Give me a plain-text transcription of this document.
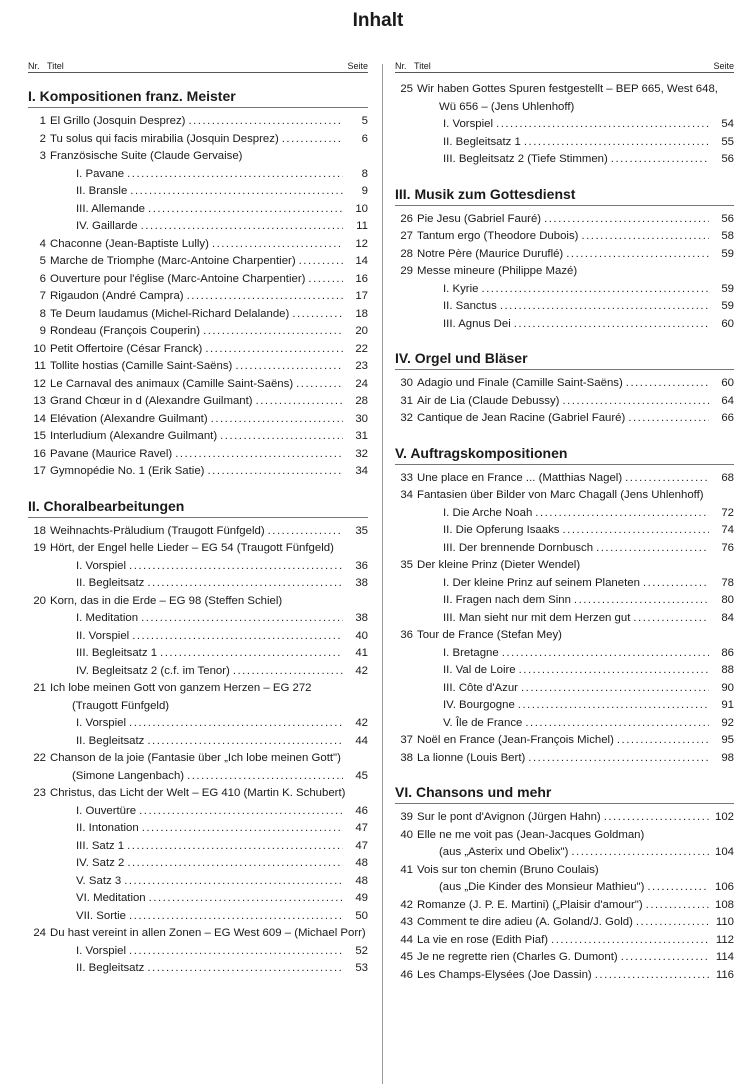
Inhalt
Nr. Titel	Seite
I. Kompositionen franz. Meister
1 El Grillo (Josquin Desprez) .....	5
2 Tu solus qui facis mirabilia (Josquin Desprez) .....	6
3 Französische Suite (Claude Gervaise)
I. Pavane .....	8
II. Bransle .....	9
III. Allemande .....	10
IV. Gaillarde .....	11
4 Chaconne (Jean-Baptiste Lully) .....	12
5 Marche de Triomphe (Marc-Antoine Charpentier) .....	14
6 Ouverture pour l'église (Marc-Antoine Charpentier) .....	16
7 Rigaudon (André Campra) .....	17
8 Te Deum laudamus (Michel-Richard Delalande) .....	18
9 Rondeau (François Couperin) .....	20
10 Petit Offertoire (César Franck) .....	22
11 Tollite hostias (Camille Saint-Saëns) .....	23
12 Le Carnaval des animaux (Camille Saint-Saëns) .....	24
13 Grand Chœur in d (Alexandre Guilmant) .....	28
14 Elévation (Alexandre Guilmant) .....	30
15 Interludium (Alexandre Guilmant) .....	31
16 Pavane (Maurice Ravel) .....	32
17 Gymnopédie No. 1 (Erik Satie) .....	34
II. Choralbearbeitungen
18 Weihnachts-Präludium (Traugott Fünfgeld) .....	35
19 Hört, der Engel helle Lieder – EG 54 (Traugott Fünfgeld)
I. Vorspiel .....	36
II. Begleitsatz .....	38
20 Korn, das in die Erde – EG 98 (Steffen Schiel)
I. Meditation .....	38
II. Vorspiel .....	40
III. Begleitsatz 1 .....	41
IV. Begleitsatz 2 (c.f. im Tenor) .....	42
21 Ich lobe meinen Gott von ganzem Herzen – EG 272
(Traugott Fünfgeld)
I. Vorspiel .....	42
II. Begleitsatz .....	44
22 Chanson de la joie (Fantasie über „Ich lobe meinen Gott")
(Simone Langenbach) .....	45
23 Christus, das Licht der Welt – EG 410 (Martin K. Schubert)
I. Ouvertüre .....	46
II. Intonation .....	47
III. Satz 1 .....	47
IV. Satz 2 .....	48
V. Satz 3 .....	48
VI. Meditation .....	49
VII. Sortie .....	50
24 Du hast vereint in allen Zonen – EG West 609 – (Michael Porr)
I. Vorspiel .....	52
II. Begleitsatz .....	53
Nr. Titel	Seite
25 Wir haben Gottes Spuren festgestellt – BEP 665, West 648,
Wü 656 – (Jens Uhlenhoff)
I. Vorspiel .....	54
II. Begleitsatz 1 .....	55
III. Begleitsatz 2 (Tiefe Stimmen) .....	56
III. Musik zum Gottesdienst
26 Pie Jesu (Gabriel Fauré) .....	56
27 Tantum ergo (Theodore Dubois) .....	58
28 Notre Père (Maurice Duruflé) .....	59
29 Messe mineure (Philippe Mazé)
I. Kyrie .....	59
II. Sanctus .....	59
III. Agnus Dei .....	60
IV. Orgel und Bläser
30 Adagio und Finale (Camille Saint-Saëns) .....	60
31 Air de Lia (Claude Debussy) .....	64
32 Cantique de Jean Racine (Gabriel Fauré) .....	66
V. Auftragskompositionen
33 Une place en France ... (Matthias Nagel) .....	68
34 Fantasien über Bilder von Marc Chagall (Jens Uhlenhoff)
I. Die Arche Noah .....	72
II. Die Opferung Isaaks .....	74
III. Der brennende Dornbusch .....	76
35 Der kleine Prinz (Dieter Wendel)
I. Der kleine Prinz auf seinem Planeten .....	78
II. Fragen nach dem Sinn .....	80
III. Man sieht nur mit dem Herzen gut .....	84
36 Tour de France (Stefan Mey)
I. Bretagne .....	86
II. Val de Loire .....	88
III. Côte d'Azur .....	90
IV. Bourgogne .....	91
V. Île de France .....	92
37 Noël en France (Jean-François Michel) .....	95
38 La lionne (Louis Bert) .....	98
VI. Chansons und mehr
39 Sur le pont d'Avignon (Jürgen Hahn) .....	102
40 Elle ne me voit pas (Jean-Jacques Goldman)
(aus „Asterix und Obelix") .....	104
41 Vois sur ton chemin (Bruno Coulais)
(aus „Die Kinder des Monsieur Mathieu") .....	106
42 Romanze (J. P. E. Martini) („Plaisir d'amour") .....	108
43 Comment te dire adieu (A. Goland/J. Gold) .....	110
44 La vie en rose (Edith Piaf) .....	112
45 Je ne regrette rien (Charles G. Dumont) .....	114
46 Les Champs-Elysées (Joe Dassin) .....	116
